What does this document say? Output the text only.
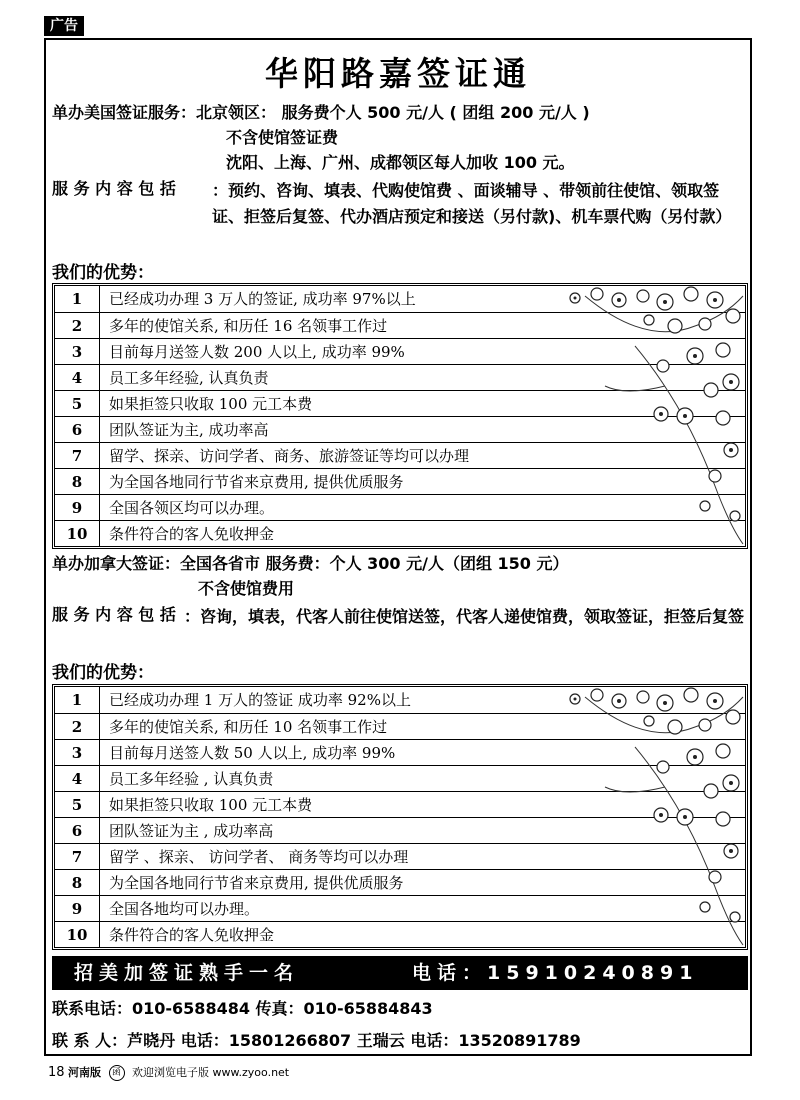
广告
华阳路嘉签证通
单办美国签证服务：北京领区： 服务费个人 500 元/人 ( 团组 200 元/人 )
不含使馆签证费
沈阳、上海、广州、成都领区每人加收 100 元。
服 务 内 容 包 括 ：预约、咨询、填表、代购使馆费 、面谈辅导 、带领前往使馆、领取签证、拒签后复签、代办酒店预定和接送（另付款)、机车票代购（另付款）
我们的优势：
1	已经成功办理 3 万人的签证, 成功率 97%以上
2	多年的使馆关系, 和历任 16 名领事工作过
3	目前每月送签人数 200 人以上, 成功率 99%
4	员工多年经验, 认真负责
5	如果拒签只收取 100 元工本费
6	团队签证为主, 成功率高
7	留学、探亲、访问学者、商务、旅游签证等均可以办理
8	为全国各地同行节省来京费用, 提供优质服务
9	全国各领区均可以办理。
10	条件符合的客人免收押金
单办加拿大签证：全国各省市 服务费：个人 300 元/人（团组 150 元）
不含使馆费用
服 务 内 容 包 括 ：咨询，填表，代客人前往使馆送签，代客人递使馆费，领取签证，拒签后复签
我们的优势：
1	已经成功办理 1 万人的签证 成功率 92%以上
2	多年的使馆关系, 和历任 10 名领事工作过
3	目前每月送签人数 50 人以上, 成功率 99%
4	员工多年经验 , 认真负责
5	如果拒签只收取 100 元工本费
6	团队签证为主 , 成功率高
7	留学 、探亲、 访问学者、 商务等均可以办理
8	为全国各地同行节省来京费用, 提供优质服务
9	全国各地均可以办理。
10	条件符合的客人免收押金
招美加签证熟手一名	电话：15910240891
联系电话：010-6588484 传真：010-65884843
联 系 人：芦晓丹 电话：15801266807 王瑞云 电话：13520891789
18 河南版 函 欢迎浏览电子版 www.zyoo.net
